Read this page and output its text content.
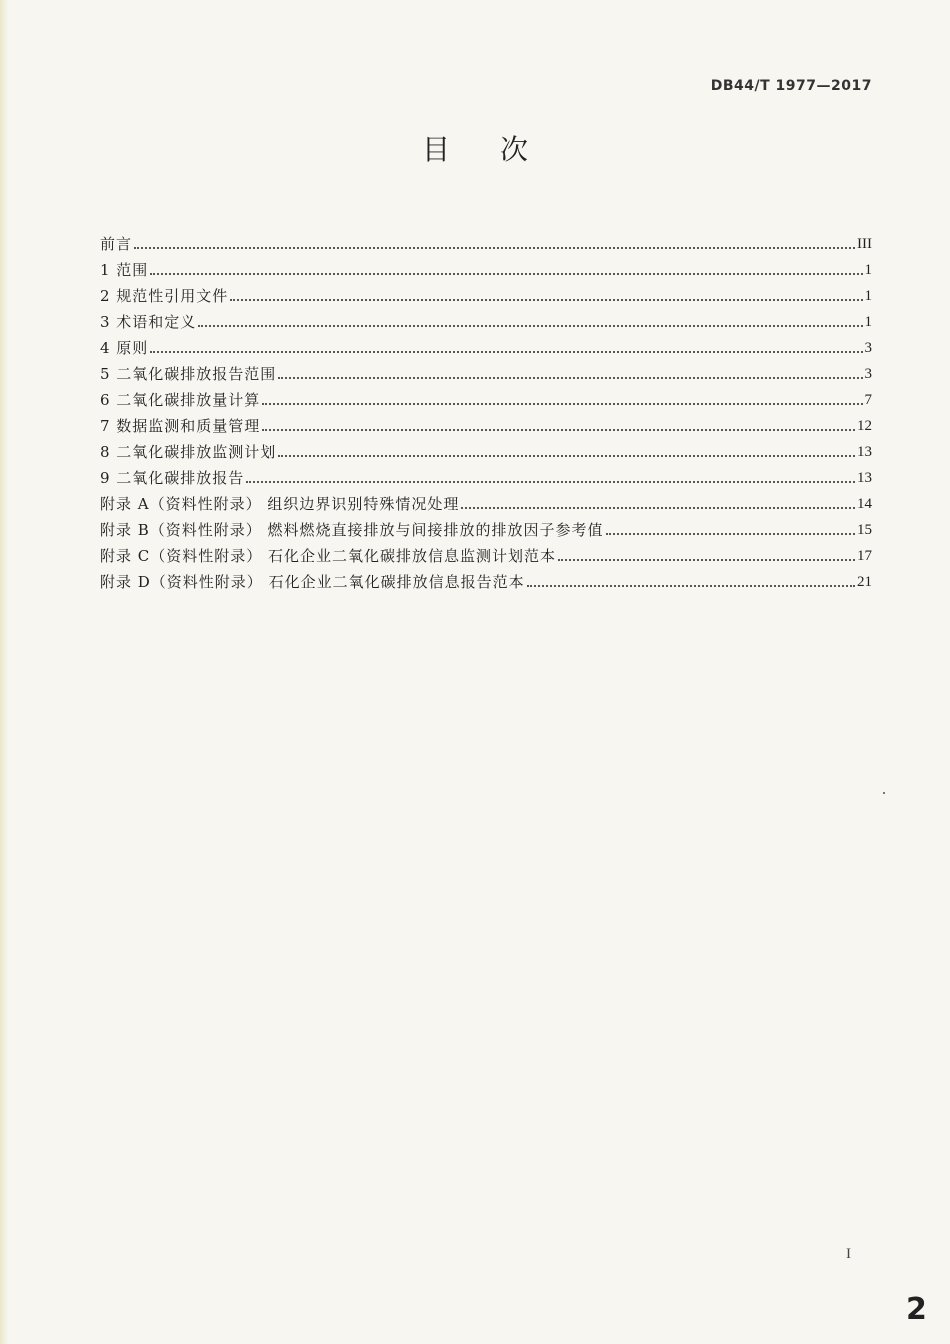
DB44/T 1977—2017
目次
前言	III
1 范围	1
2 规范性引用文件	1
3 术语和定义	1
4 原则	3
5 二氧化碳排放报告范围	3
6 二氧化碳排放量计算	7
7 数据监测和质量管理	12
8 二氧化碳排放监测计划	13
9 二氧化碳排放报告	13
附录 A（资料性附录） 组织边界识别特殊情况处理	14
附录 B（资料性附录） 燃料燃烧直接排放与间接排放的排放因子参考值	15
附录 C（资料性附录） 石化企业二氧化碳排放信息监测计划范本	17
附录 D（资料性附录） 石化企业二氧化碳排放信息报告范本	21
I
2
